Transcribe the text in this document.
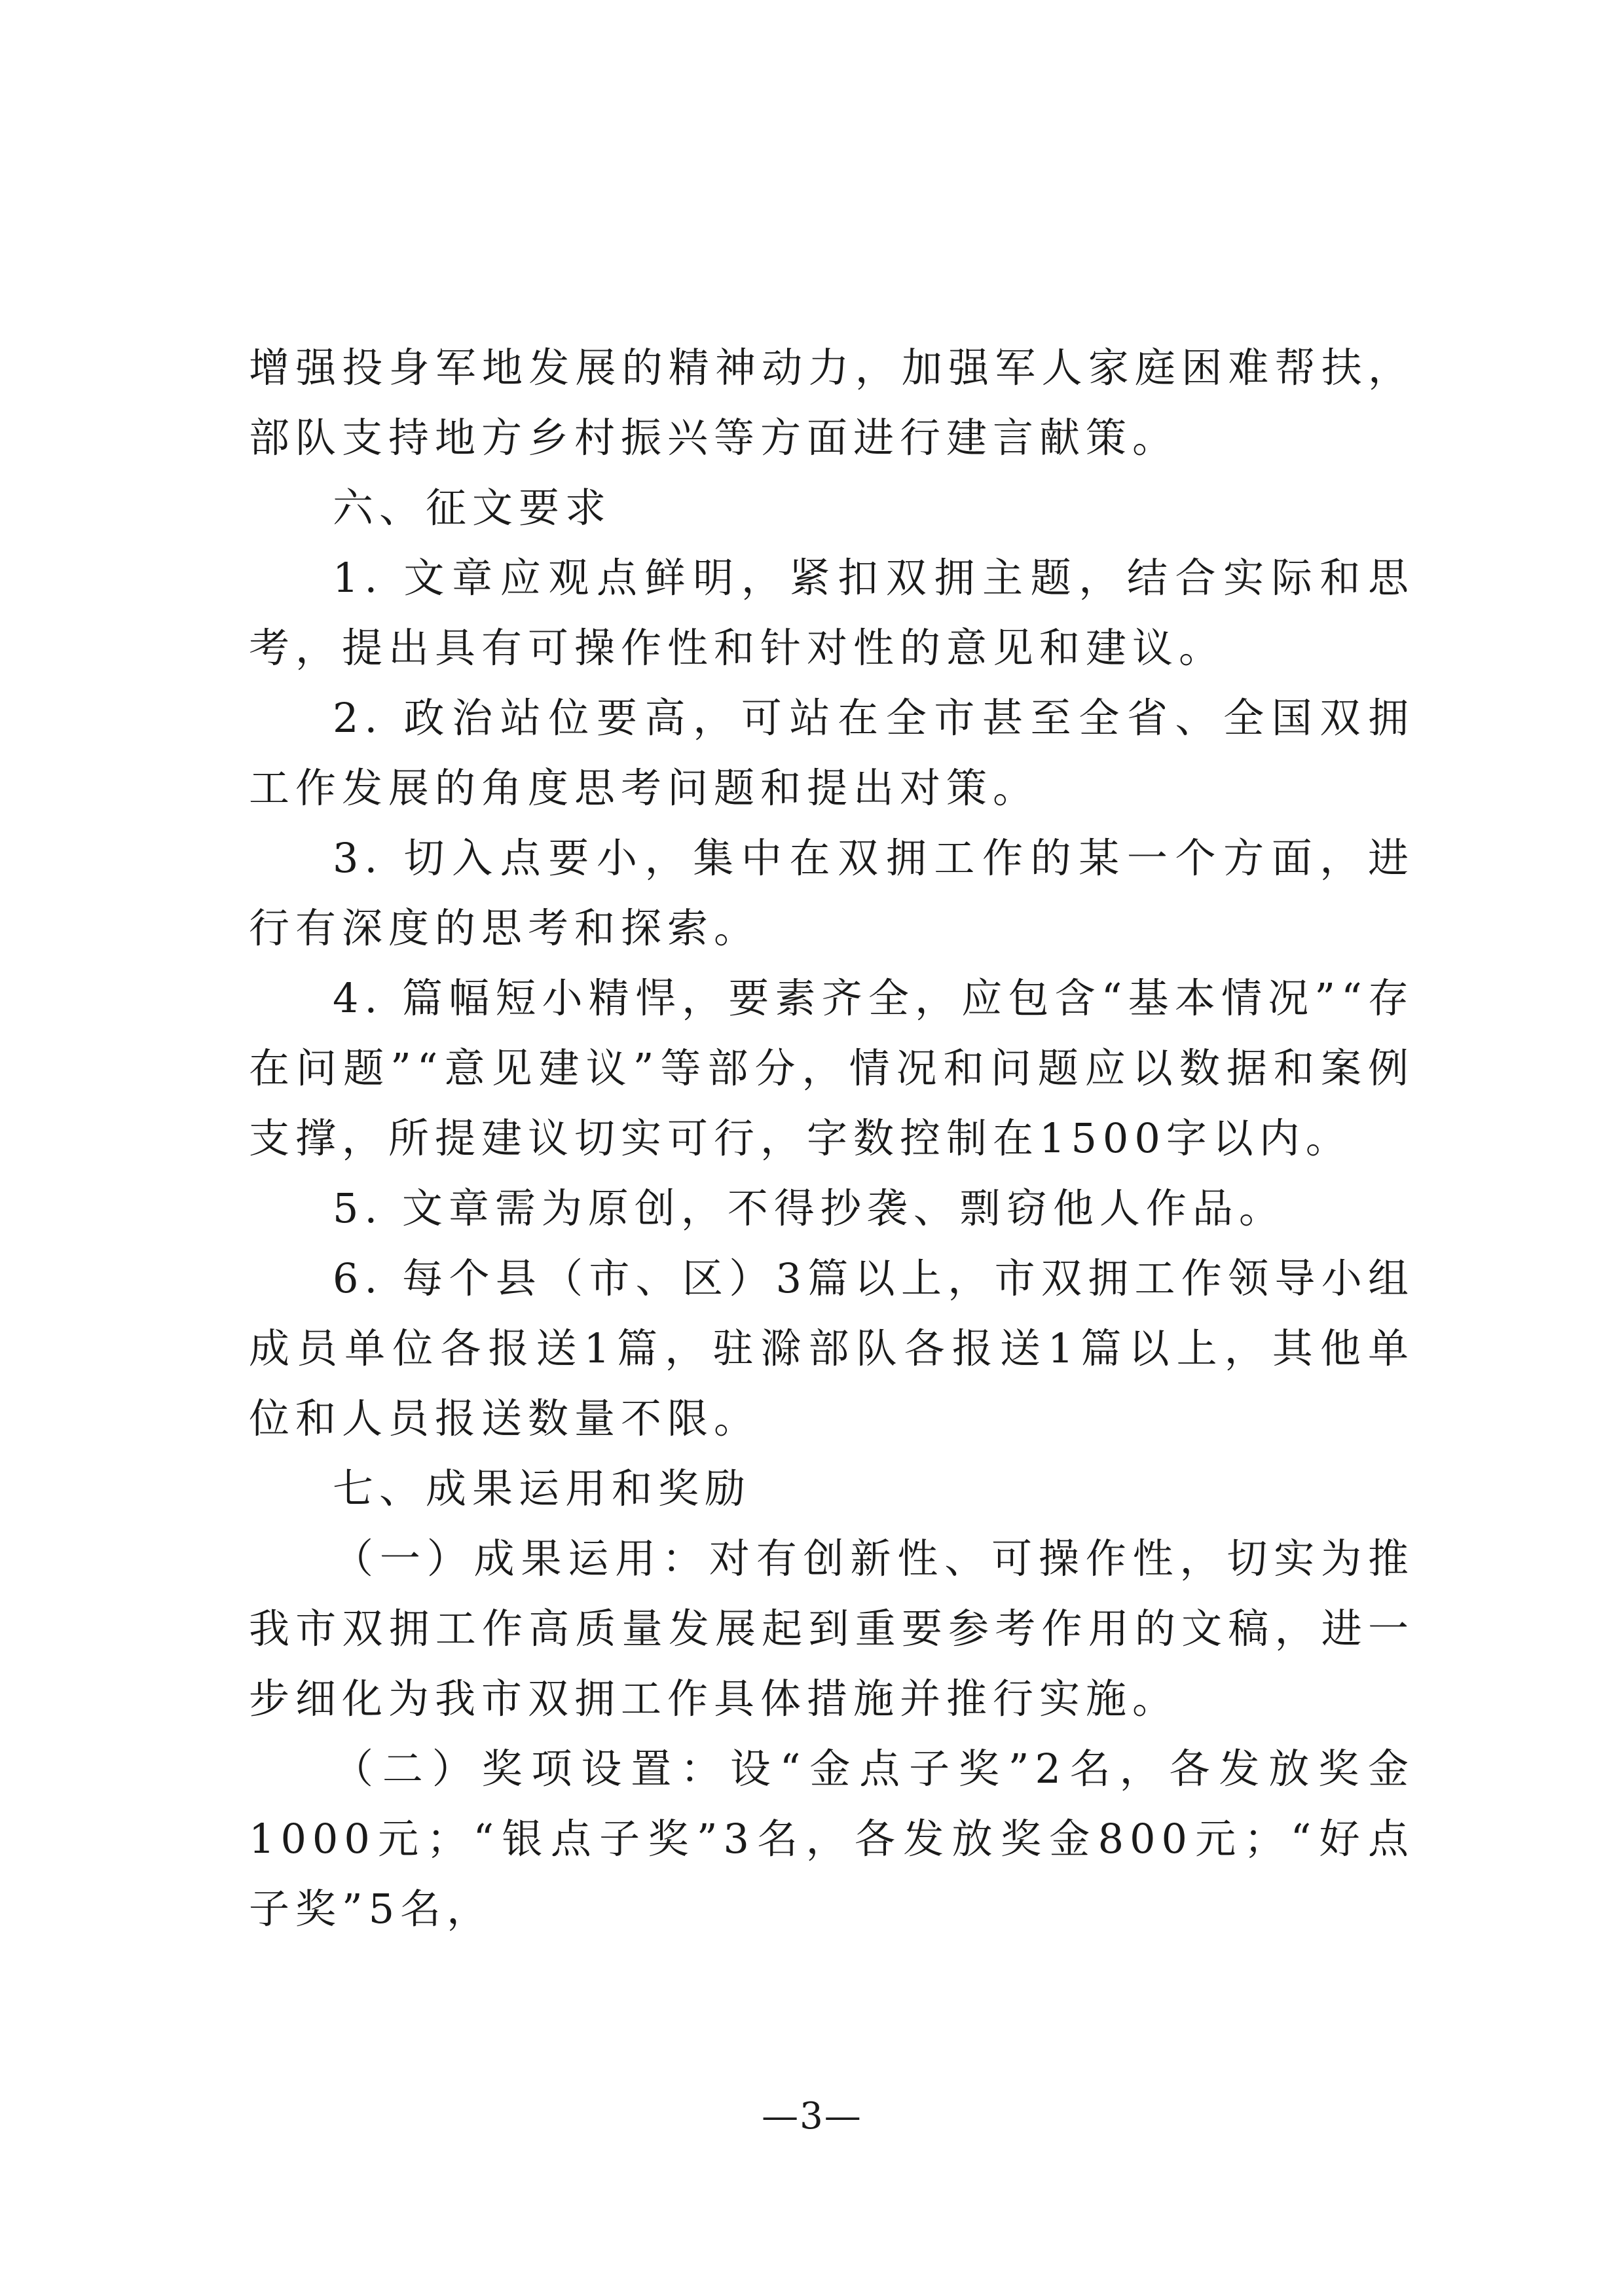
增强投身军地发展的精神动力，加强军人家庭困难帮扶，部队支持地方乡村振兴等方面进行建言献策。

六、征文要求

1. 文章应观点鲜明，紧扣双拥主题，结合实际和思考，提出具有可操作性和针对性的意见和建议。

2. 政治站位要高，可站在全市甚至全省、全国双拥工作发展的角度思考问题和提出对策。

3. 切入点要小，集中在双拥工作的某一个方面，进行有深度的思考和探索。

4. 篇幅短小精悍，要素齐全，应包含“基本情况”“存在问题”“意见建议”等部分，情况和问题应以数据和案例支撑，所提建议切实可行，字数控制在1500字以内。

5. 文章需为原创，不得抄袭、剽窃他人作品。

6. 每个县（市、区）3篇以上，市双拥工作领导小组成员单位各报送1篇，驻滁部队各报送1篇以上，其他单位和人员报送数量不限。

七、成果运用和奖励

（一）成果运用：对有创新性、可操作性，切实为推我市双拥工作高质量发展起到重要参考作用的文稿，进一步细化为我市双拥工作具体措施并推行实施。

（二）奖项设置：设“金点子奖”2名，各发放奖金1000元；“银点子奖”3名，各发放奖金800元；“好点子奖”5名，

—3—
